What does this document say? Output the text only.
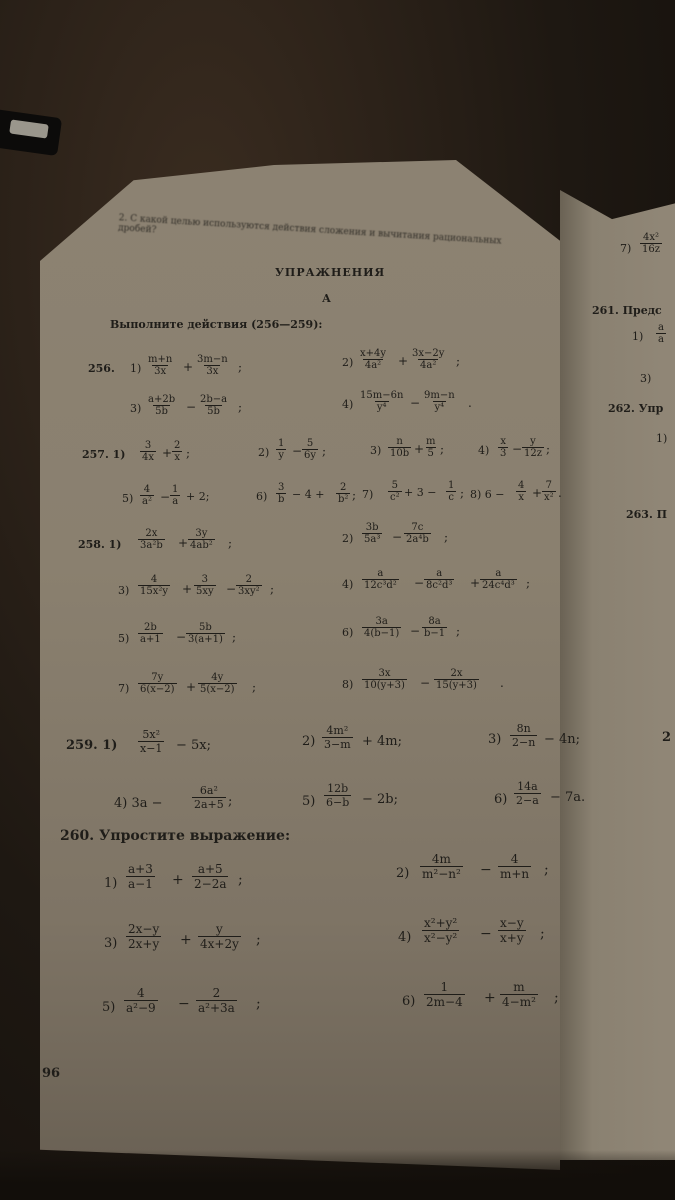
2. С какой целью используются действия сложения и вычитания рациональных дробей?
УПРАЖНЕНИЯ
А
Выполните действия (256—259):
256. $1) \frac{m+n}{3x} + \frac{3m-n}{3x}$ ;	$2) \frac{x+4y}{\text{4a²}} + \frac{3x-2y}{\text{4a²}}$ ;
$3) \frac{a+2b}{5b} - \frac{2b-a}{5b}$ ;	$4) \frac{15m-6n}{\text{y⁴}} - \frac{9m-n}{\text{y⁴}}$ .
257. $1) \frac{3}{4x} + \frac{2}{x}$ ;	$2) \frac{1}{y} - \frac{5}{6y}$ ;	$3) \frac{n}{10b} + \frac{m}{5}$ ;	$4) \frac{x}{3} - \frac{y}{12z}$ ;
$5) \frac{4}{\text{a²}} - \frac{1}{a} + 2$;	$6) \frac{3}{b} - 4 + \frac{2}{\text{b²}}$ ; $7) \frac{5}{\text{c²}} + 3 - \frac{1}{c}$ ; 8) $6 - \frac{4}{x} + \frac{7}{\text{x²}}$ .
258. $1) \frac{2x}{\text{3a²b}} + \frac{3y}{\text{4ab²}}$ ;	$2) \frac{3b}{\text{5a³}} - \frac{7c}{\text{2a⁴b}}$ ;
$3) \frac{4}{\text{15x²y}} + \frac{3}{5xy} - \frac{2}{\text{3xy²}}$ ;	$4) \frac{a}{\text{12c³d²}} - \frac{a}{\text{8c²d³}} + \frac{a}{\text{24c⁴d³}}$ ;
$5) \frac{2b}{a+1} - \frac{5b}{3(a+1)}$ ;	$6) \frac{3a}{4(b-1)} - \frac{8a}{b-1}$ ;
$7) \frac{7y}{6(x-2)} + \frac{4y}{5(x-2)}$ ;	$8) \frac{3x}{10(y+3)} - \frac{2x}{15(y+3)}$ .
259. $1) \frac{\text{5x²}}{x-1} - 5x$;	$2) \frac{\text{4m²}}{3-m} + 4m$;	$3) \frac{8n}{2-n} - 4n$;
4) 3a −	$\frac{\text{6a²}}{2a+5}$ ;	$5) \frac{12b}{6-b} - 2b$;	$6) \frac{14a}{2-a} - 7a$.
260. Упростите выражение:
$1) \frac{a+3}{a-1} + \frac{a+5}{2-2a}$ ;	$2) \frac{4m}{\text{m²−n²}} - \frac{4}{m+n}$ ;
$3) \frac{2x-y}{2x+y} + \frac{y}{4x+2y}$ ;	$4) \frac{\text{x²+y²}}{\text{x²−y²}} - \frac{x-y}{x+y}$ ;
$5) \frac{4}{\text{a²−9}} - \frac{2}{\text{a²+3a}}$ ;	$6) \frac{1}{2m-4} + \frac{m}{\text{4−m²}}$ ;
96
$7) \frac{\text{4x²}}{16z}$
261. Предс
$1) \frac{a}{a}$
3)
262. Упр
1)
263. П
2
